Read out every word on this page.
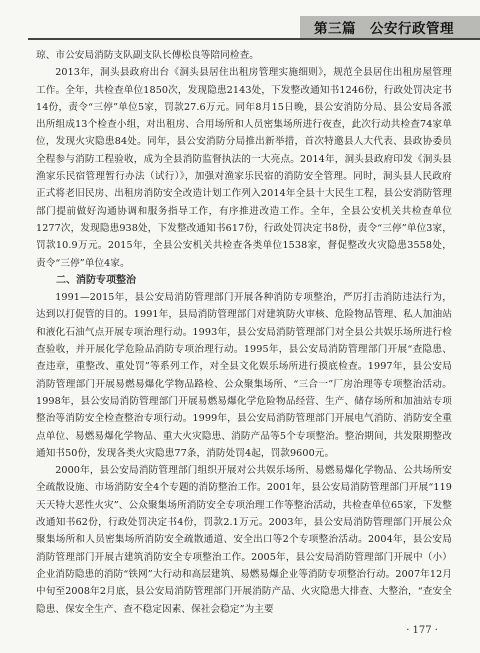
第三篇　公安行政管理

琼、市公安局消防支队副支队长傅松良等陪同检查。

2013年，洞头县政府出台《洞头县居住出租房管理实施细则》，规范全县居住出租房屋管理工作。全年，共检查单位1850次，发现隐患2143处，下发整改通知书1246份，行政处罚决定书14份，责令“三停”单位5家，罚款27.6万元。同年8月15日晚，县公安消防分局、县公安局各派出所组成13个检查小组，对出租房、合用场所和人员密集场所进行夜查，此次行动共检查74家单位，发现火灾隐患84处。同年，县公安消防分局推出新举措，首次特邀县人大代表、县政协委员全程参与消防工程验收，成为全县消防监督执法的一大亮点。2014年，洞头县政府印发《洞头县渔家乐民宿管理暂行办法（试行）》，加强对渔家乐民宿的消防安全管理。同时，洞头县人民政府正式将老旧民房、出租房消防安全改造计划工作列入2014年全县十大民生工程，县公安消防管理部门提前做好沟通协调和服务指导工作，有序推进改造工作。全年，全县公安机关共检查单位1277次，发现隐患938处，下发整改通知书617份，行政处罚决定书8份，责令“三停”单位3家，罚款10.9万元。2015年，全县公安机关共检查各类单位1538家，督促整改火灾隐患3558处，责令“三停”单位4家。

二、消防专项整治

1991—2015年，县公安局消防管理部门开展各种消防专项整治，严厉打击消防违法行为，达到以打促管的目的。1991年，县局消防管理部门对建筑防火审核、危险物品管理、私人加油站和液化石油气点开展专项治理行动。1993年，县公安局消防管理部门对全县公共娱乐场所进行检查验收，并开展化学危险品消防专项治理行动。1995年，县公安局消防管理部门开展“查隐患、查违章，重整改、重处罚”等系列工作，对全县文化娱乐场所进行摸底检查。1997年，县公安局消防管理部门开展易燃易爆化学物品路检、公众聚集场所、“三合一”厂房治理等专项整治活动。1998年，县公安局消防管理部门开展易燃易爆化学危险物品经营、生产、储存场所和加油站专项整治等消防安全检查整治专项行动。1999年，县公安局消防管理部门开展电气消防、消防安全重点单位、易燃易爆化学物品、重大火灾隐患、消防产品等5个专项整治。整治期间，共发限期整改通知书50份，发现各类火灾隐患77条，消防处罚4起，罚款9600元。

2000年，县公安局消防管理部门组织开展对公共娱乐场所、易燃易爆化学物品、公共场所安全疏散设施、市场消防安全4个专题的消防整治工作。2001年，县公安局消防管理部门开展“119天天特大恶性火灾”、公众聚集场所消防安全专项治理工作等整治活动，共检查单位65家，下发整改通知书62份，行政处罚决定书4份，罚款2.1万元。2003年，县公安局消防管理部门开展公众聚集场所和人员密集场所消防安全疏散通道、安全出口等2个专项整治活动。2004年，县公安局消防管理部门开展古建筑消防安全专项整治工作。2005年，县公安局消防管理部门开展中（小）企业消防隐患的消防“铁网”大行动和高层建筑、易燃易爆企业等消防专项整治行动。2007年12月中旬至2008年2月底，县公安局消防管理部门开展消防产品、火灾隐患大排查、大整治，“查安全隐患、保安全生产、查不稳定因素、保社会稳定”为主要

· 177 ·
